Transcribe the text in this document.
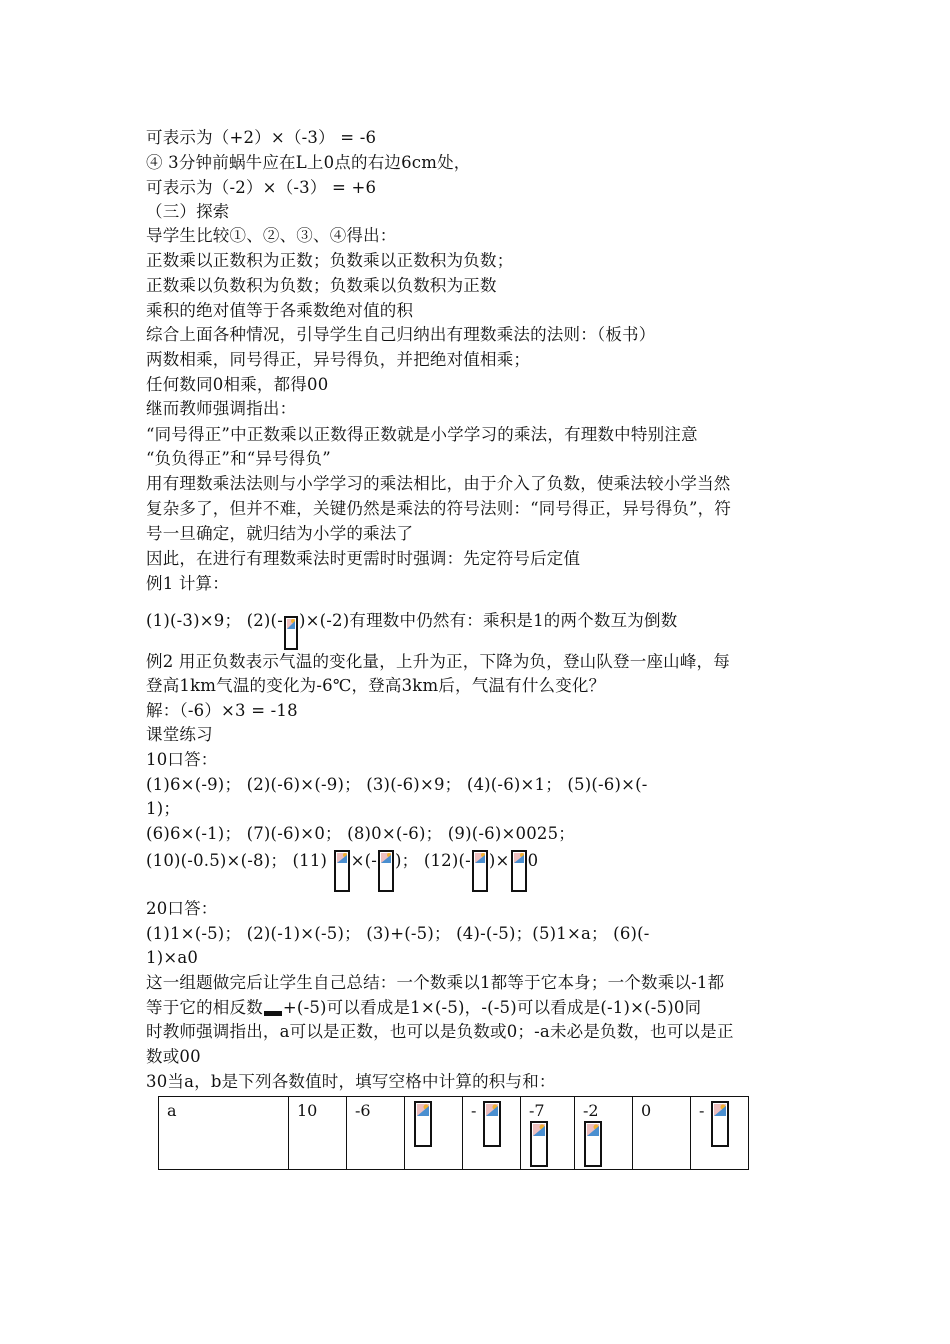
可表示为（+2）×（-3） = -6
④ 3分钟前蜗牛应在L上0点的右边6cm处，
可表示为（-2）×（-3） = +6
（三）探索
导学生比较①、②、③、④得出：
正数乘以正数积为正数；负数乘以正数积为负数；
正数乘以负数积为负数；负数乘以负数积为正数
乘积的绝对值等于各乘数绝对值的积
综合上面各种情况，引导学生自己归纳出有理数乘法的法则：（板书）
两数相乘，同号得正，异号得负，并把绝对值相乘；
任何数同0相乘，都得00
继而教师强调指出：
“同号得正”中正数乘以正数得正数就是小学学习的乘法，有理数中特别注意
“负负得正”和“异号得负”
用有理数乘法法则与小学学习的乘法相比，由于介入了负数，使乘法较小学当然
复杂多了，但并不难，关键仍然是乘法的符号法则：“同号得正，异号得负”，符
号一旦确定，就归结为小学的乘法了
因此，在进行有理数乘法时更需时时强调：先定符号后定值
例1 计算：
(1)(-3)×9； (2)(- )×(-2)有理数中仍然有：乘积是1的两个数互为倒数
例2 用正负数表示气温的变化量，上升为正，下降为负，登山队登一座山峰，每
登高1km气温的变化为-6℃，登高3km后，气温有什么变化？
解：（-6）×3 = -18
课堂练习
10口答：
(1)6×(-9)； (2)(-6)×(-9)； (3)(-6)×9； (4)(-6)×1； (5)(-6)×(-
1)；
(6)6×(-1)； (7)(-6)×0； (8)0×(-6)； (9)(-6)×0025；
(10)(-0.5)×(-8)； (11)
×(- )； (12)(- )× 0
20口答：
(1)1×(-5)； (2)(-1)×(-5)； (3)+(-5)； (4)-(-5)；(5)1×a； (6)(-
1)×a0
这一组题做完后让学生自己总结：一个数乘以1都等于它本身；一个数乘以-1都
等于它的相反数 +(-5)可以看成是1×(-5)，-(-5)可以看成是(-1)×(-5)0同
时教师强调指出，a可以是正数，也可以是负数或0；-a未必是负数，也可以是正
数或00
30当a，b是下列各数值时，填写空格中计算的积与和：
a	10	-6		-	-7	-2	0	-
